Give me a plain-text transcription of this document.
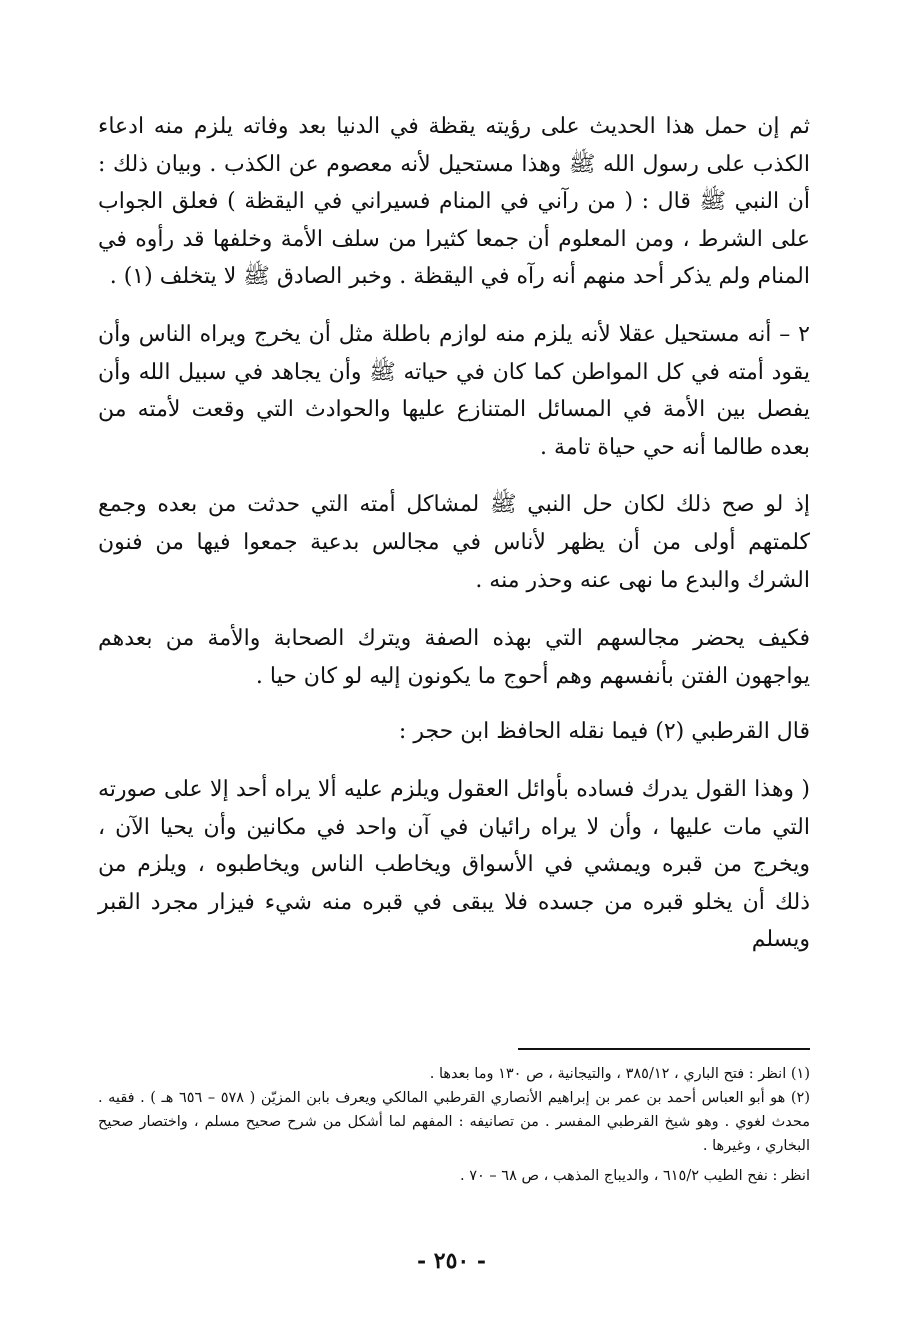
ثم إن حمل هذا الحديث على رؤيته يقظة في الدنيا بعد وفاته يلزم منه ادعاء الكذب على رسول الله ﷺ وهذا مستحيل لأنه معصوم عن الكذب . وبيان ذلك : أن النبي ﷺ قال : ( من رآني في المنام فسيراني في اليقظة ) فعلق الجواب على الشرط ، ومن المعلوم أن جمعا كثيرا من سلف الأمة وخلفها قد رأوه في المنام ولم يذكر أحد منهم أنه رآه في اليقظة . وخبر الصادق ﷺ لا يتخلف (١) .

٢ – أنه مستحيل عقلا لأنه يلزم منه لوازم باطلة مثل أن يخرج ويراه الناس وأن يقود أمته في كل المواطن كما كان في حياته ﷺ وأن يجاهد في سبيل الله وأن يفصل بين الأمة في المسائل المتنازع عليها والحوادث التي وقعت لأمته من بعده طالما أنه حي حياة تامة .

إذ لو صح ذلك لكان حل النبي ﷺ لمشاكل أمته التي حدثت من بعده وجمع كلمتهم أولى من أن يظهر لأناس في مجالس بدعية جمعوا فيها من فنون الشرك والبدع ما نهى عنه وحذر منه .

فكيف يحضر مجالسهم التي بهذه الصفة ويترك الصحابة والأمة من بعدهم يواجهون الفتن بأنفسهم وهم أحوج ما يكونون إليه لو كان حيا .

قال القرطبي (٢) فيما نقله الحافظ ابن حجر :

( وهذا القول يدرك فساده بأوائل العقول ويلزم عليه ألا يراه أحد إلا على صورته التي مات عليها ، وأن لا يراه رائيان في آن واحد في مكانين وأن يحيا الآن ، ويخرج من قبره ويمشي في الأسواق ويخاطب الناس ويخاطبوه ، ويلزم من ذلك أن يخلو قبره من جسده فلا يبقى في قبره منه شيء فيزار مجرد القبر ويسلم

(١) انظر : فتح الباري ، ٣٨٥/١٢ ، والتيجانية ، ص ١٣٠ وما بعدها .

(٢) هو أبو العباس أحمد بن عمر بن إبراهيم الأنصاري القرطبي المالكي ويعرف بابن المزيّن ( ٥٧٨ – ٦٥٦ هـ ) . فقيه . محدث لغوي . وهو شيخ القرطبي المفسر . من تصانيفه : المفهم لما أشكل من شرح صحيح مسلم ، واختصار صحيح البخاري ، وغيرها .

انظر : نفح الطيب ٦١٥/٢ ، والديباج المذهب ، ص ٦٨ – ٧٠ .

- ٢٥٠ -
